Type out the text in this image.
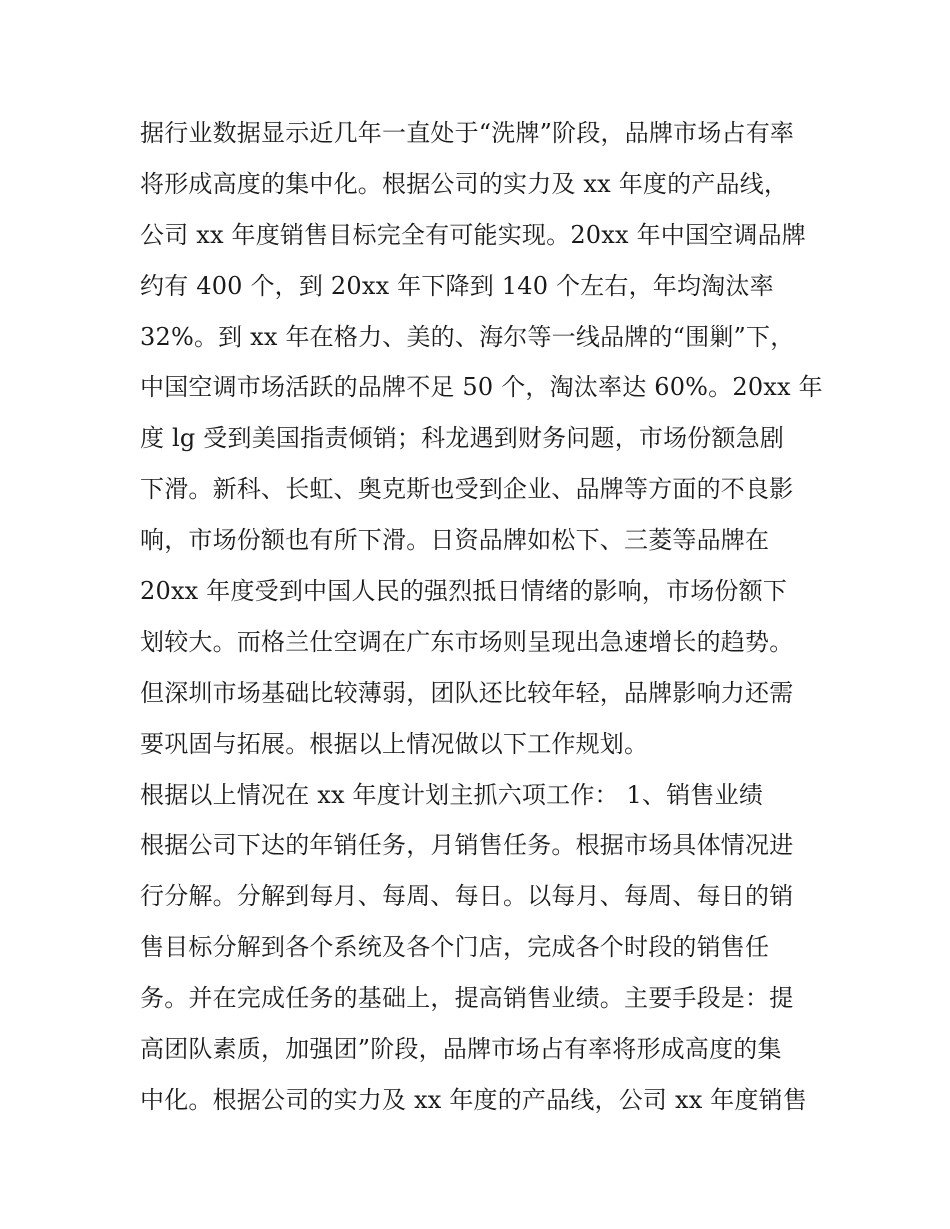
据行业数据显示近几年一直处于“洗牌”阶段，品牌市场占有率
将形成高度的集中化。根据公司的实力及 xx 年度的产品线，
公司 xx 年度销售目标完全有可能实现。20xx 年中国空调品牌
约有 400 个，到 20xx 年下降到 140 个左右，年均淘汰率
32%。到 xx 年在格力、美的、海尔等一线品牌的“围剿”下，
中国空调市场活跃的品牌不足 50 个，淘汰率达 60%。20xx 年
度 lg 受到美国指责倾销；科龙遇到财务问题，市场份额急剧
下滑。新科、长虹、奥克斯也受到企业、品牌等方面的不良影
响，市场份额也有所下滑。日资品牌如松下、三菱等品牌在
20xx 年度受到中国人民的强烈抵日情绪的影响，市场份额下
划较大。而格兰仕空调在广东市场则呈现出急速增长的趋势。
但深圳市场基础比较薄弱，团队还比较年轻，品牌影响力还需
要巩固与拓展。根据以上情况做以下工作规划。
根据以上情况在 xx 年度计划主抓六项工作： 1、销售业绩
根据公司下达的年销任务，月销售任务。根据市场具体情况进
行分解。分解到每月、每周、每日。以每月、每周、每日的销
售目标分解到各个系统及各个门店，完成各个时段的销售任
务。并在完成任务的基础上，提高销售业绩。主要手段是：提
高团队素质，加强团”阶段，品牌市场占有率将形成高度的集
中化。根据公司的实力及 xx 年度的产品线，公司 xx 年度销售
